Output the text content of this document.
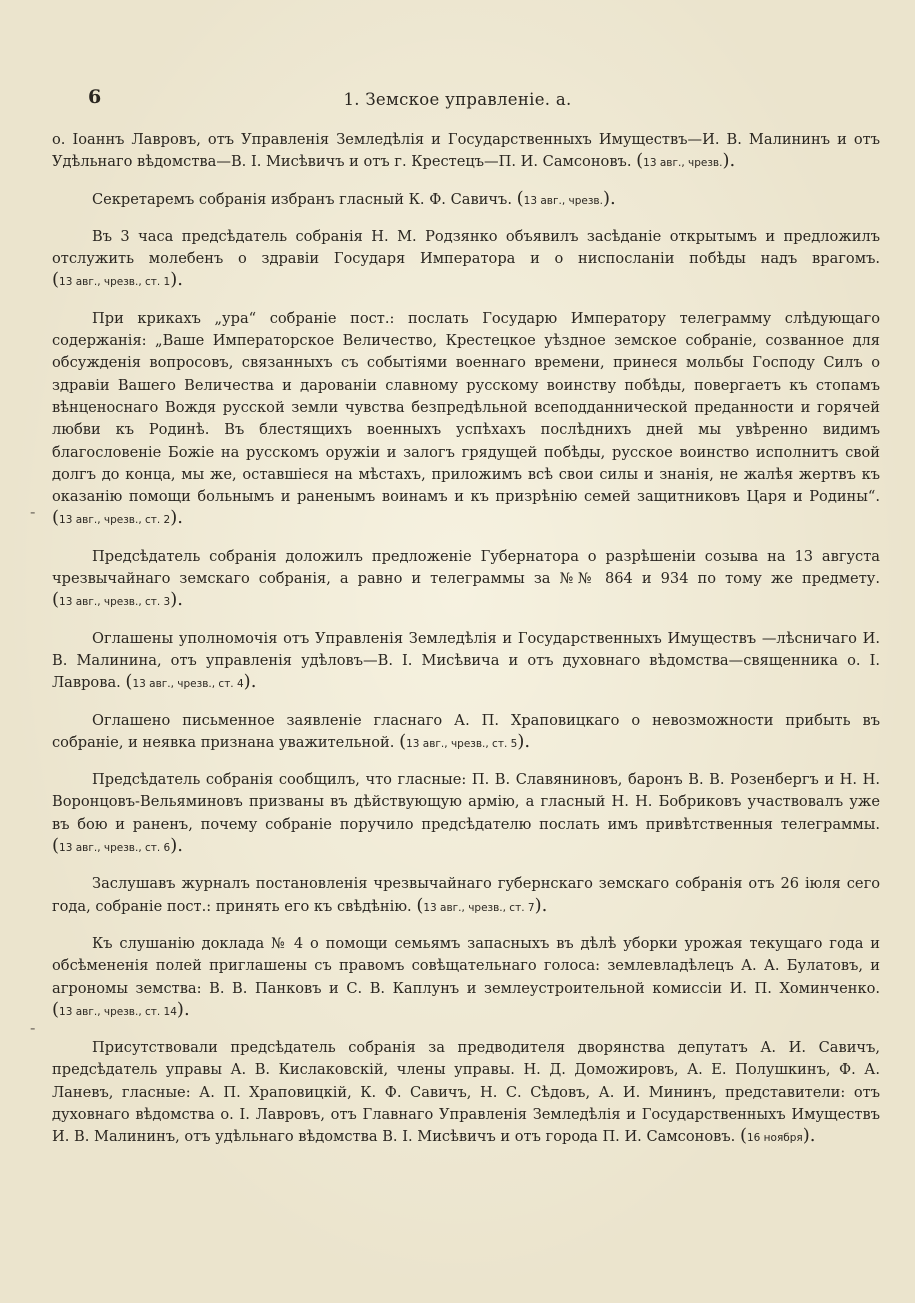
6	1. Земское управленіе. а.
-
-

о. Іоаннъ Лавровъ, отъ Управленія Земледѣлія и Государственныхъ Имуществъ—И. В. Малининъ и отъ Удѣльнаго вѣдомства—В. І. Мисѣвичъ и отъ г. Крестецъ—П. И. Самсоновъ. (13 авг., чрезв.).

Секретаремъ собранія избранъ гласный К. Ф. Савичъ. (13 авг., чрезв.).

Въ 3 часа предсѣдатель собранія Н. М. Родзянко объявилъ засѣданіе открытымъ и предложилъ отслужить молебенъ о здравіи Государя Императора и о ниспосланіи побѣды надъ врагомъ. (13 авг., чрезв., ст. 1).

При крикахъ „ура“ собраніе пост.: послать Государю Императору телеграмму слѣдующаго содержанія: „Вашe Императорское Величество, Крестецкое уѣздное земское собраніе, созванное для обсужденія вопросовъ, связанныхъ съ событіями военнаго времени, принеся мольбы Господу Силъ о здравіи Вашего Величества и дарованіи славному русскому воинству побѣды, повергаетъ къ стопамъ вѣнценоснаго Вождя русской земли чувства безпредѣльной всеподданнической преданности и горячей любви къ Родинѣ. Въ блестящихъ военныхъ успѣхахъ послѣднихъ дней мы увѣренно видимъ благословеніе Божіе на русскомъ оружіи и залогъ грядущей побѣды, русское воинство исполнитъ свой долгъ до конца, мы же, оставшіеся на мѣстахъ, приложимъ всѣ свои силы и знанія, не жалѣя жертвъ къ оказанію помощи больнымъ и раненымъ воинамъ и къ призрѣнію семей защитниковъ Царя и Родины“. (13 авг., чрезв., ст. 2).

Предсѣдатель собранія доложилъ предложеніе Губернатора о разрѣшеніи созыва на 13 августа чрезвычайнаго земскаго собранія, а равно и телеграммы за №№ 864 и 934 по тому же предмету. (13 авг., чрезв., ст. 3).

Оглашены уполномочія отъ Управленія Земледѣлія и Государственныхъ Имуществъ —лѣсничаго И. В. Малинина, отъ управленія удѣловъ—В. І. Мисѣвича и отъ духовнаго вѣдомства—священника о. І. Лаврова. (13 авг., чрезв., ст. 4).

Оглашено письменное заявленіе гласнаго А. П. Храповицкаго о невозможности прибыть въ собраніе, и неявка признана уважительной. (13 авг., чрезв., ст. 5).

Предсѣдатель собранія сообщилъ, что гласные: П. В. Славяниновъ, баронъ В. В. Розенбергъ и Н. Н. Воронцовъ-Вельяминовъ призваны въ дѣйствующую армію, а гласный Н. Н. Бобриковъ участвовалъ уже въ бою и раненъ, почему собраніе поручило предсѣдателю послать имъ привѣтственныя телеграммы. (13 авг., чрезв., ст. 6).

Заслушавъ журналъ постановленія чрезвычайнаго губернскаго земскаго собранія отъ 26 іюля сего года, собраніе пост.: принять его къ свѣдѣнію. (13 авг., чрезв., ст. 7).

Къ слушанію доклада № 4 о помощи семьямъ запасныхъ въ дѣлѣ уборки урожая текущаго года и обсѣмененія полей приглашены съ правомъ совѣщательнаго голоса: землевладѣлецъ А. А. Булатовъ, и агрономы земства: В. В. Панковъ и С. В. Каплунъ и землеустроительной комиссіи И. П. Хоминченко. (13 авг., чрезв., ст. 14).

Присутствовали предсѣдатель собранія за предводителя дворянства депутатъ А. И. Савичъ, предсѣдатель управы А. В. Кислаковскій, члены управы. Н. Д. Доможировъ, А. Е. Полушкинъ, Ф. А. Ланевъ, гласные: А. П. Храповицкій, К. Ф. Савичъ, Н. С. Сѣдовъ, А. И. Мининъ, представители: отъ духовнаго вѣдомства о. І. Лавровъ, отъ Главнаго Управленія Земледѣлія и Государственныхъ Имуществъ И. В. Малининъ, отъ удѣльнаго вѣдомства В. І. Мисѣвичъ и отъ города П. И. Самсоновъ. (16 ноября).
